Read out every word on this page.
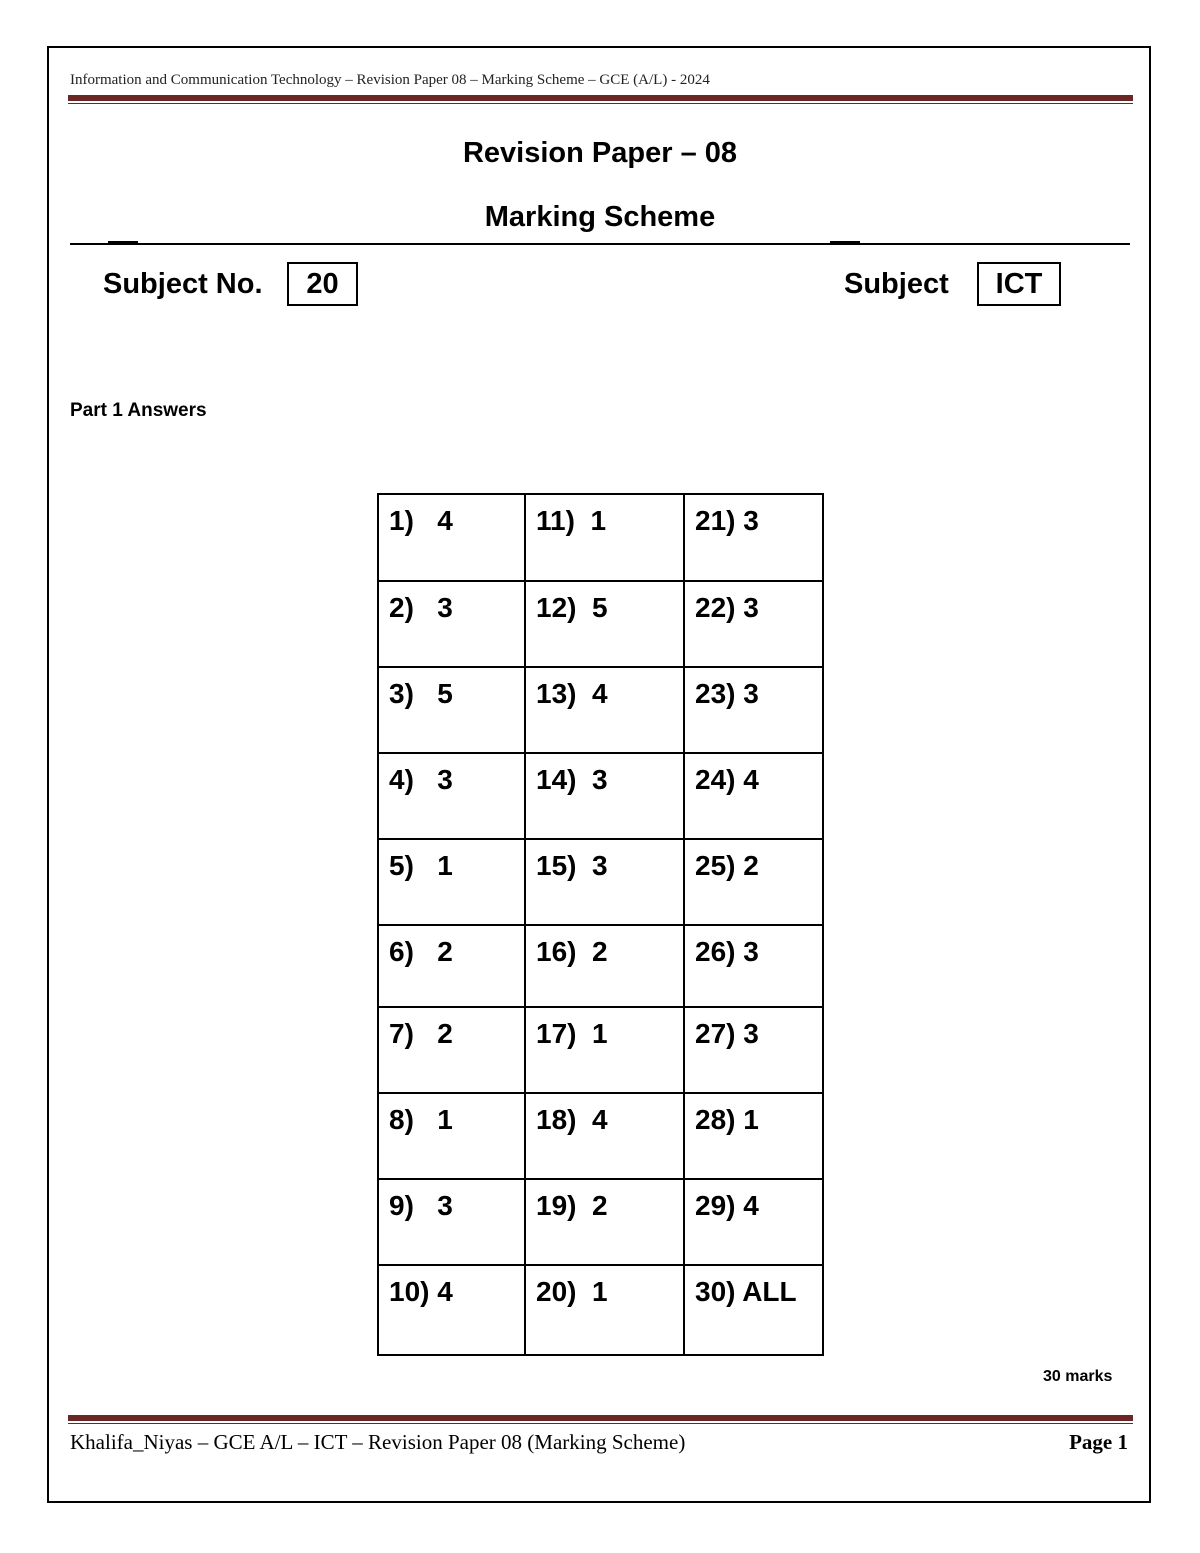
Information and Communication Technology – Revision Paper 08 – Marking Scheme – GCE (A/L) - 2024
Revision Paper – 08
Marking Scheme
Subject No.	20	Subject	ICT
Part 1 Answers
1)   4	11)  1	21) 3
2)   3	12)  5	22) 3
3)   5	13)  4	23) 3
4)   3	14)  3	24) 4
5)   1	15)  3	25) 2
6)   2	16)  2	26) 3
7)   2	17)  1	27) 3
8)   1	18)  4	28) 1
9)   3	19)  2	29) 4
10) 4	20)  1	30) ALL
30 marks
Khalifa_Niyas – GCE A/L – ICT – Revision Paper 08 (Marking Scheme)	Page 1
